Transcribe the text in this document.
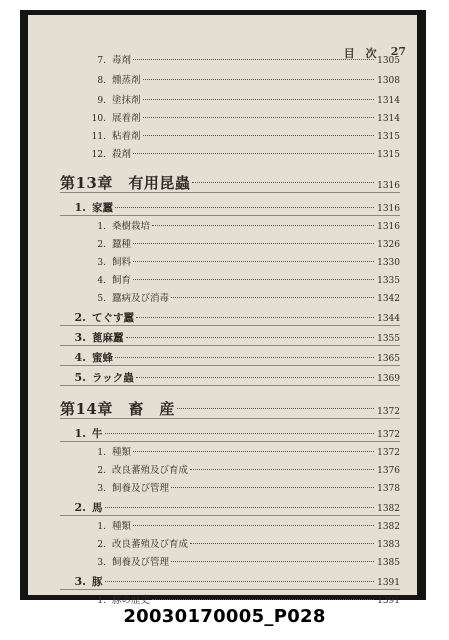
目　次 27
7. 毒剤	1305
8. 燻蒸剤	1308
9. 塗抹剤	1314
10. 展着剤	1314
11. 粘着剤	1315
12. 殺剤	1315
第13章　有用昆蟲	1316
1. 家蠶	1316
1. 桑樹栽培	1316
2. 蠶種	1326
3. 飼料	1330
4. 飼育	1335
5. 蠶病及び消毒	1342
2. てぐす蠶	1344
3. 蓖麻蠶	1355
4. 蜜蜂	1365
5. ラック蟲	1369
第14章　畜　産	1372
1. 牛	1372
1. 種類	1372
2. 改良蕃殖及び育成	1376
3. 飼養及び管理	1378
2. 馬	1382
1. 種類	1382
2. 改良蕃殖及び育成	1383
3. 飼養及び管理	1385
3. 豚	1391
1. 豚の歴史	1391
20030170005_P028
